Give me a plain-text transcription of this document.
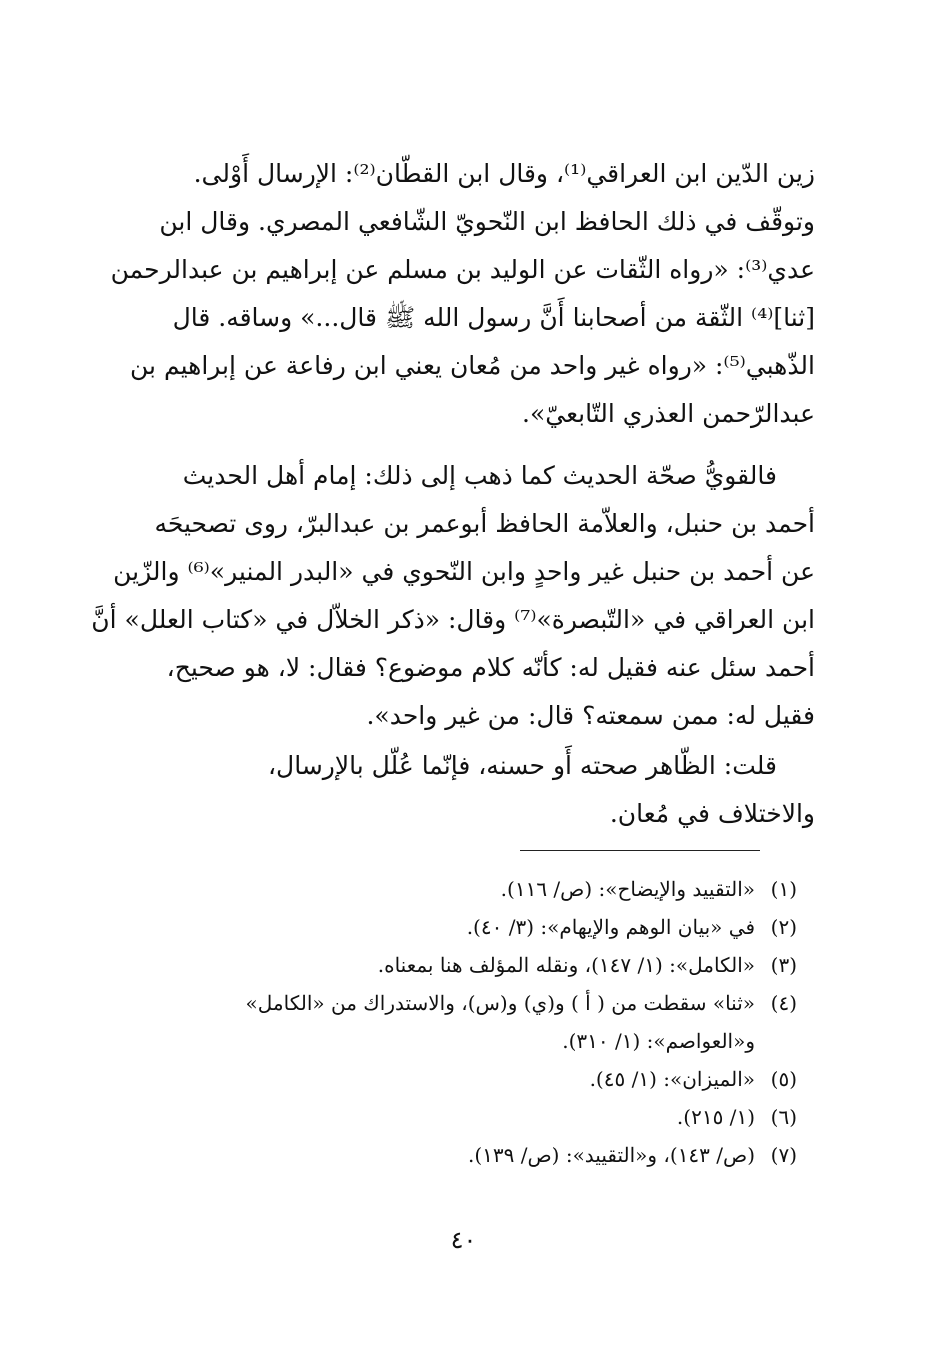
زين الدّين ابن العراقي⁽¹⁾، وقال ابن القطّان⁽²⁾: الإرسال أَوْلى.
وتوقّف في ذلك الحافظ ابن النّحويّ الشّافعي المصري. وقال ابن
عدي⁽³⁾: «رواه الثّقات عن الوليد بن مسلم عن إبراهيم بن عبدالرحمن
[ثنا]⁽⁴⁾ الثّقة من أصحابنا أَنَّ رسول الله ﷺ قال...» وساقه. قال
الذّهبي⁽⁵⁾: «رواه غير واحد من مُعان يعني ابن رفاعة عن إبراهيم بن
عبدالرّحمن العذري التّابعيّ».
فالقويُّ صحّة الحديث كما ذهب إلى ذلك: إمام أهل الحديث
أحمد بن حنبل، والعلاّمة الحافظ أبوعمر بن عبدالبرّ، روى تصحيحَه
عن أحمد بن حنبل غير واحدٍ وابن النّحوي في «البدر المنير»⁽⁶⁾ والزّين
ابن العراقي في «التّبصرة»⁽⁷⁾ وقال: «ذكر الخلاّل في «كتاب العلل» أنَّ
أحمد سئل عنه فقيل له: كأنّه كلام موضوع؟ فقال: لا، هو صحيح،
فقيل له: ممن سمعته؟ قال: من غير واحد».
قلت: الظّاهر صحته أَو حسنه، فإنّما عُلّل بالإرسال،
والاختلاف في مُعان.
(١)
«التقييد والإيضاح»: (ص/ ١١٦).
(٢)
في «بيان الوهم والإيهام»: (٣/ ٤٠).
(٣)
«الكامل»: (١/ ١٤٧)، ونقله المؤلف هنا بمعناه.
(٤)
«ثنا» سقطت من ( أ ) و(ي) و(س)، والاستدراك من «الكامل»
و«العواصم»: (١/ ٣١٠).
(٥)
«الميزان»: (١/ ٤٥).
(٦)
(١/ ٢١٥).
(٧)
(ص/ ١٤٣)، و«التقييد»: (ص/ ١٣٩).
٤٠
